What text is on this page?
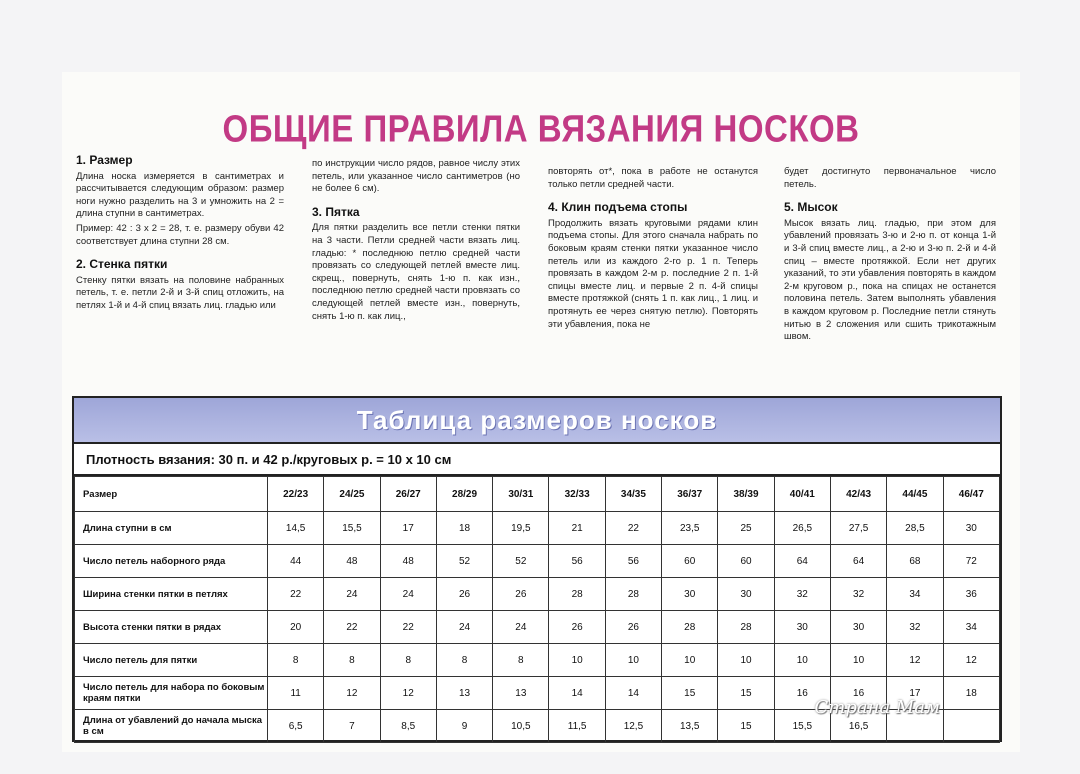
ОБЩИЕ ПРАВИЛА ВЯЗАНИЯ НОСКОВ
1. Размер

Длина носка измеряется в сантиметрах и рассчитывается следующим образом: размер ноги нужно разделить на 3 и умножить на 2 = длина ступни в сантиметрах.

Пример: 42 : 3 х 2 = 28, т. е. размеру обуви 42 соответствует длина ступни 28 см.

2. Стенка пятки

Стенку пятки вязать на половине набранных петель, т. е. петли 2-й и 3-й спиц отложить, на петлях 1-й и 4-й спиц вязать лиц. гладью или

по инструкции число рядов, равное числу этих петель, или указанное число сантиметров (но не более 6 см).

3. Пятка

Для пятки разделить все петли стенки пятки на 3 части. Петли средней части вязать лиц. гладью: * последнюю петлю средней части провязать со следующей петлей вместе лиц. скрещ., повернуть, снять 1-ю п. как изн., последнюю петлю средней части провязать со следующей петлей вместе изн., повернуть, снять 1-ю п. как лиц.,

повторять от*, пока в работе не останутся только петли средней части.

4. Клин подъема стопы

Продолжить вязать круговыми рядами клин подъема стопы. Для этого сначала набрать по боковым краям стенки пятки указанное число петель или из каждого 2-го р. 1 п. Теперь провязать в каждом 2-м р. последние 2 п. 1-й спицы вместе лиц. и первые 2 п. 4-й спицы вместе протяжкой (снять 1 п. как лиц., 1 лиц. и протянуть ее через снятую петлю). Повторять эти убавления, пока не

будет достигнуто первоначальное число петель.

5. Мысок

Мысок вязать лиц. гладью, при этом для убавлений провязать 3-ю и 2-ю п. от конца 1-й и 3-й спиц вместе лиц., а 2-ю и 3-ю п. 2-й и 4-й спиц – вместе протяжкой. Если нет других указаний, то эти убавления повторять в каждом 2-м круговом р., пока на спицах не останется половина петель. Затем выполнять убавления в каждом круговом р. Последние петли стянуть нитью в 2 сложения или сшить трикотажным швом.

Таблица размеров носков
Плотность вязания: 30 п. и 42 р./круговых р. = 10 х 10 см
Размер	22/23	24/25	26/27	28/29	30/31	32/33	34/35	36/37	38/39	40/41	42/43	44/45	46/47
Длина ступни в см	14,5	15,5	17	18	19,5	21	22	23,5	25	26,5	27,5	28,5	30
Число петель наборного ряда	44	48	48	52	52	56	56	60	60	64	64	68	72
Ширина стенки пятки в петлях	22	24	24	26	26	28	28	30	30	32	32	34	36
Высота стенки пятки в рядах	20	22	22	24	24	26	26	28	28	30	30	32	34
Число петель для пятки	8	8	8	8	8	10	10	10	10	10	10	12	12
Число петель для набора по боковым краям пятки	11	12	12	13	13	14	14	15	15	16	16	17	18
Длина от убавлений до начала мыска в см	6,5	7	8,5	9	10,5	11,5	12,5	13,5	15	15,5	16,5		
Страна Мам
